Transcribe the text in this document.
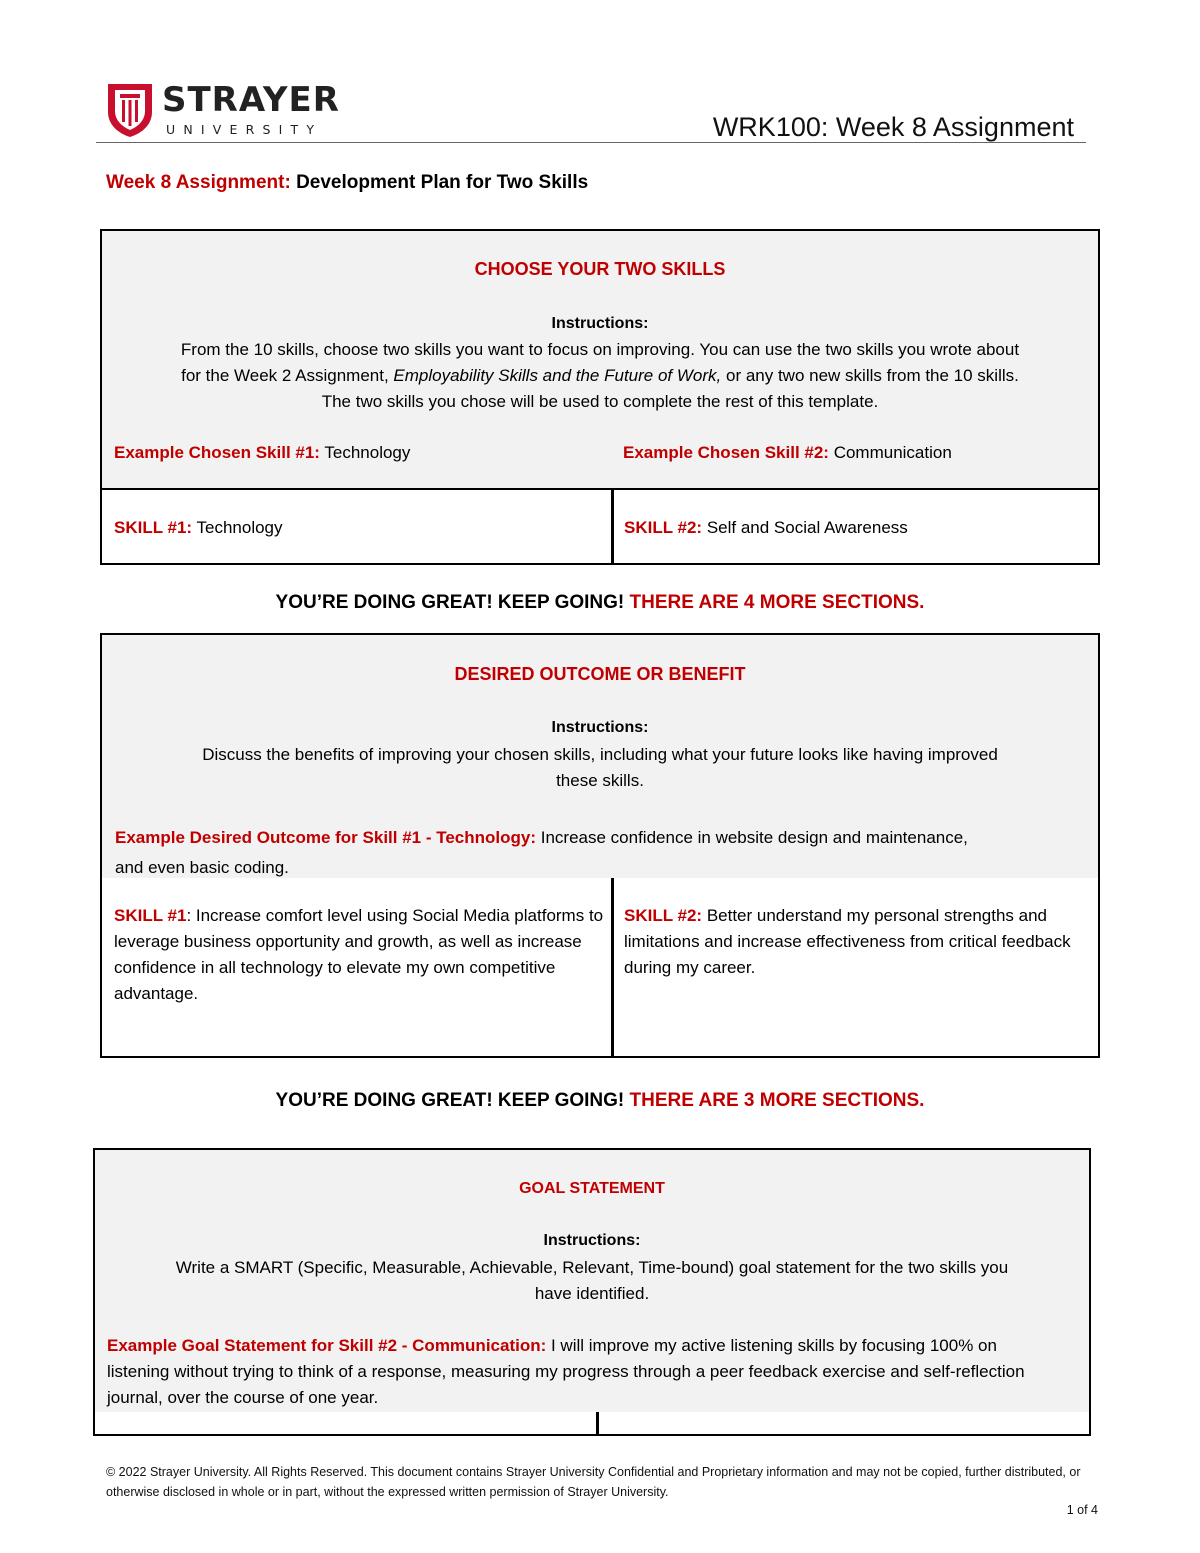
STRAYER
UNIVERSITY	WRK100: Week 8 Assignment
Week 8 Assignment: Development Plan for Two Skills
CHOOSE YOUR TWO SKILLS
Instructions:
From the 10 skills, choose two skills you want to focus on improving. You can use the two skills you wrote about
for the Week 2 Assignment, Employability Skills and the Future of Work, or any two new skills from the 10 skills.
The two skills you chose will be used to complete the rest of this template.
Example Chosen Skill #1: Technology	Example Chosen Skill #2: Communication
SKILL #1: Technology	SKILL #2: Self and Social Awareness
YOU’RE DOING GREAT! KEEP GOING! THERE ARE 4 MORE SECTIONS.
DESIRED OUTCOME OR BENEFIT
Instructions:
Discuss the benefits of improving your chosen skills, including what your future looks like having improved
these skills.
Example Desired Outcome for Skill #1 - Technology: Increase confidence in website design and maintenance,
and even basic coding.
SKILL #1: Increase comfort level using Social Media platforms to leverage business opportunity and growth, as well as increase confidence in all technology to elevate my own competitive advantage.
SKILL #2: Better understand my personal strengths and limitations and increase effectiveness from critical feedback during my career.
YOU’RE DOING GREAT! KEEP GOING! THERE ARE 3 MORE SECTIONS.
GOAL STATEMENT
Instructions:
Write a SMART (Specific, Measurable, Achievable, Relevant, Time-bound) goal statement for the two skills you
have identified.
Example Goal Statement for Skill #2 - Communication: I will improve my active listening skills by focusing 100% on listening without trying to think of a response, measuring my progress through a peer feedback exercise and self-reflection journal, over the course of one year.
© 2022 Strayer University. All Rights Reserved. This document contains Strayer University Confidential and Proprietary information and may not be copied, further distributed, or otherwise disclosed in whole or in part, without the expressed written permission of Strayer University.
1 of 4
